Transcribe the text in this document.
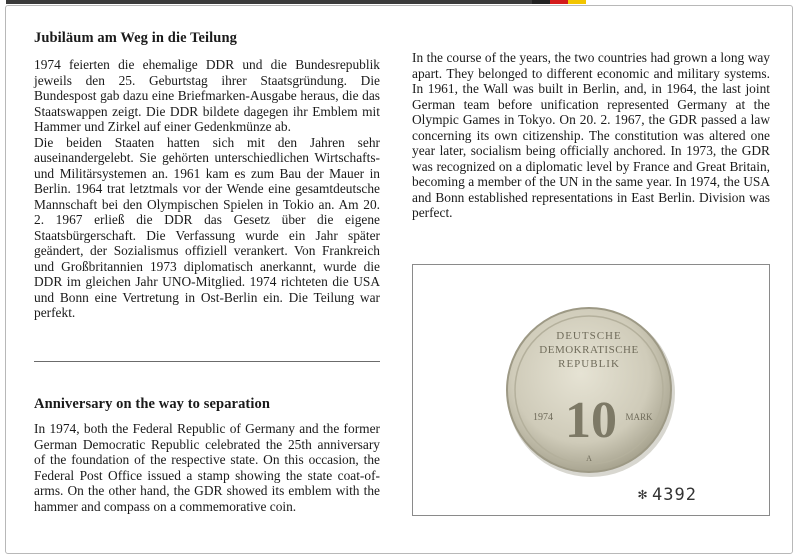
Jubiläum am Weg in die Teilung

1974 feierten die ehemalige DDR und die Bundesrepublik jeweils den 25. Geburtstag ihrer Staatsgründung. Die Bundespost gab dazu eine Briefmarken-Ausgabe heraus, die das Staatswappen zeigt. Die DDR bildete dagegen ihr Emblem mit Hammer und Zirkel auf einer Gedenkmünze ab.

Die beiden Staaten hatten sich mit den Jahren sehr auseinandergelebt. Sie gehörten unterschiedlichen Wirtschafts- und Militärsystemen an. 1961 kam es zum Bau der Mauer in Berlin. 1964 trat letztmals vor der Wende eine gesamtdeutsche Mannschaft bei den Olympischen Spielen in Tokio an. Am 20. 2. 1967 erließ die DDR das Gesetz über die eigene Staatsbürgerschaft. Die Verfassung wurde ein Jahr später geändert, der Sozialismus offiziell verankert. Von Frankreich und Großbritannien 1973 diplomatisch anerkannt, wurde die DDR im gleichen Jahr UNO-Mitglied. 1974 richteten die USA und Bonn eine Vertretung in Ost-Berlin ein. Die Teilung war perfekt.

Anniversary on the way to separation

In 1974, both the Federal Republic of Germany and the former German Democratic Republic celebrated the 25th anniversary of the foundation of the respective state. On this occasion, the Federal Post Office issued a stamp showing the state coat-of-arms. On the other hand, the GDR showed its emblem with the hammer and compass on a commemorative coin.

In the course of the years, the two countries had grown a long way apart. They belonged to different economic and military systems. In 1961, the Wall was built in Berlin, and, in 1964, the last joint German team before unification represented Germany at the Olympic Games in Tokyo. On 20. 2. 1967, the GDR passed a law concerning its own citizenship. The constitution was altered one year later, socialism being officially anchored. In 1973, the GDR was recognized on a diplomatic level by France and Great Britain, becoming a member of the UN in the same year. In 1974, the USA and Bonn established representations in East Berlin. Division was perfect.

DEUTSCHE
DEMOKRATISCHE
REPUBLIK
1974 10 MARK
A
✻ 4392
